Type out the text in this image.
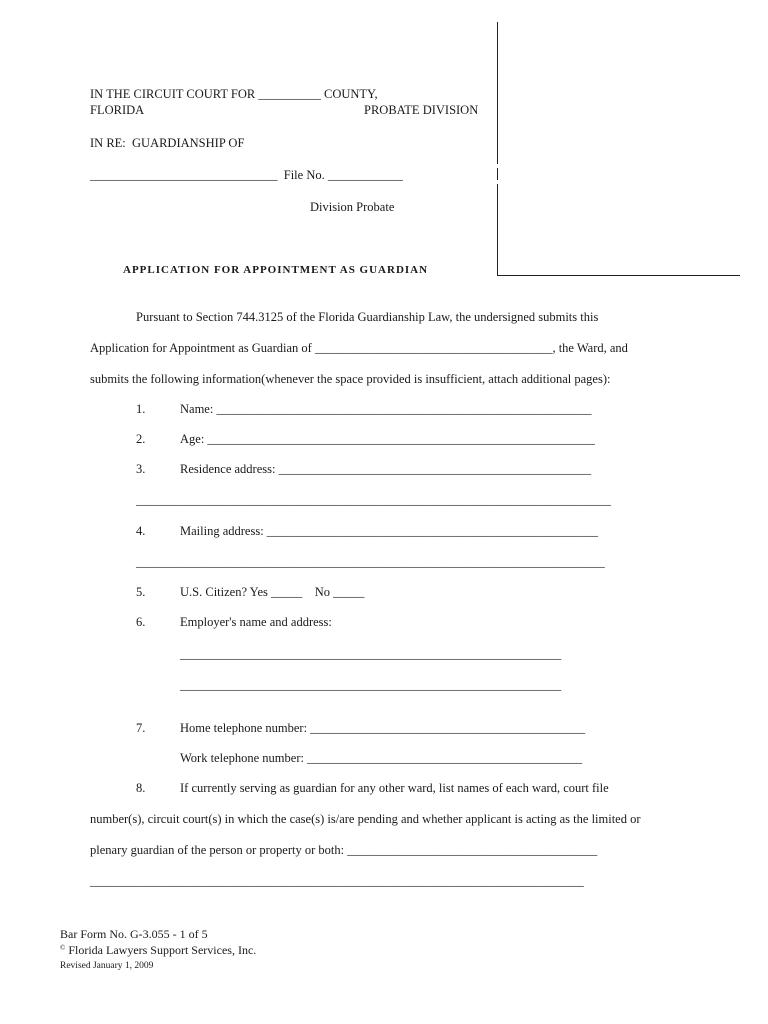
IN THE CIRCUIT COURT FOR __________ COUNTY,
FLORIDA	PROBATE DIVISION
IN RE:  GUARDIANSHIP OF
______________________________  File No. ____________
Division Probate
APPLICATION FOR APPOINTMENT AS GUARDIAN
Pursuant to Section 744.3125 of the Florida Guardianship Law, the undersigned submits this
Application for Appointment as Guardian of ______________________________________, the Ward, and
submits the following information(whenever the space provided is insufficient, attach additional pages):
1.	Name: ____________________________________________________________
2.	Age: ______________________________________________________________
3.	Residence address: __________________________________________________
____________________________________________________________________________
4.	Mailing address: _____________________________________________________
___________________________________________________________________________
5.	U.S. Citizen? Yes _____    No _____
6.	Employer's name and address:
_____________________________________________________________
_____________________________________________________________
7.	Home telephone number: ____________________________________________
Work telephone number: ____________________________________________
8.	If currently serving as guardian for any other ward, list names of each ward, court file
number(s), circuit court(s) in which the case(s) is/are pending and whether applicant is acting as the limited or
plenary guardian of the person or property or both: ________________________________________
_______________________________________________________________________________
Bar Form No. G-3.055 - 1 of 5
© Florida Lawyers Support Services, Inc.
Revised January 1, 2009
